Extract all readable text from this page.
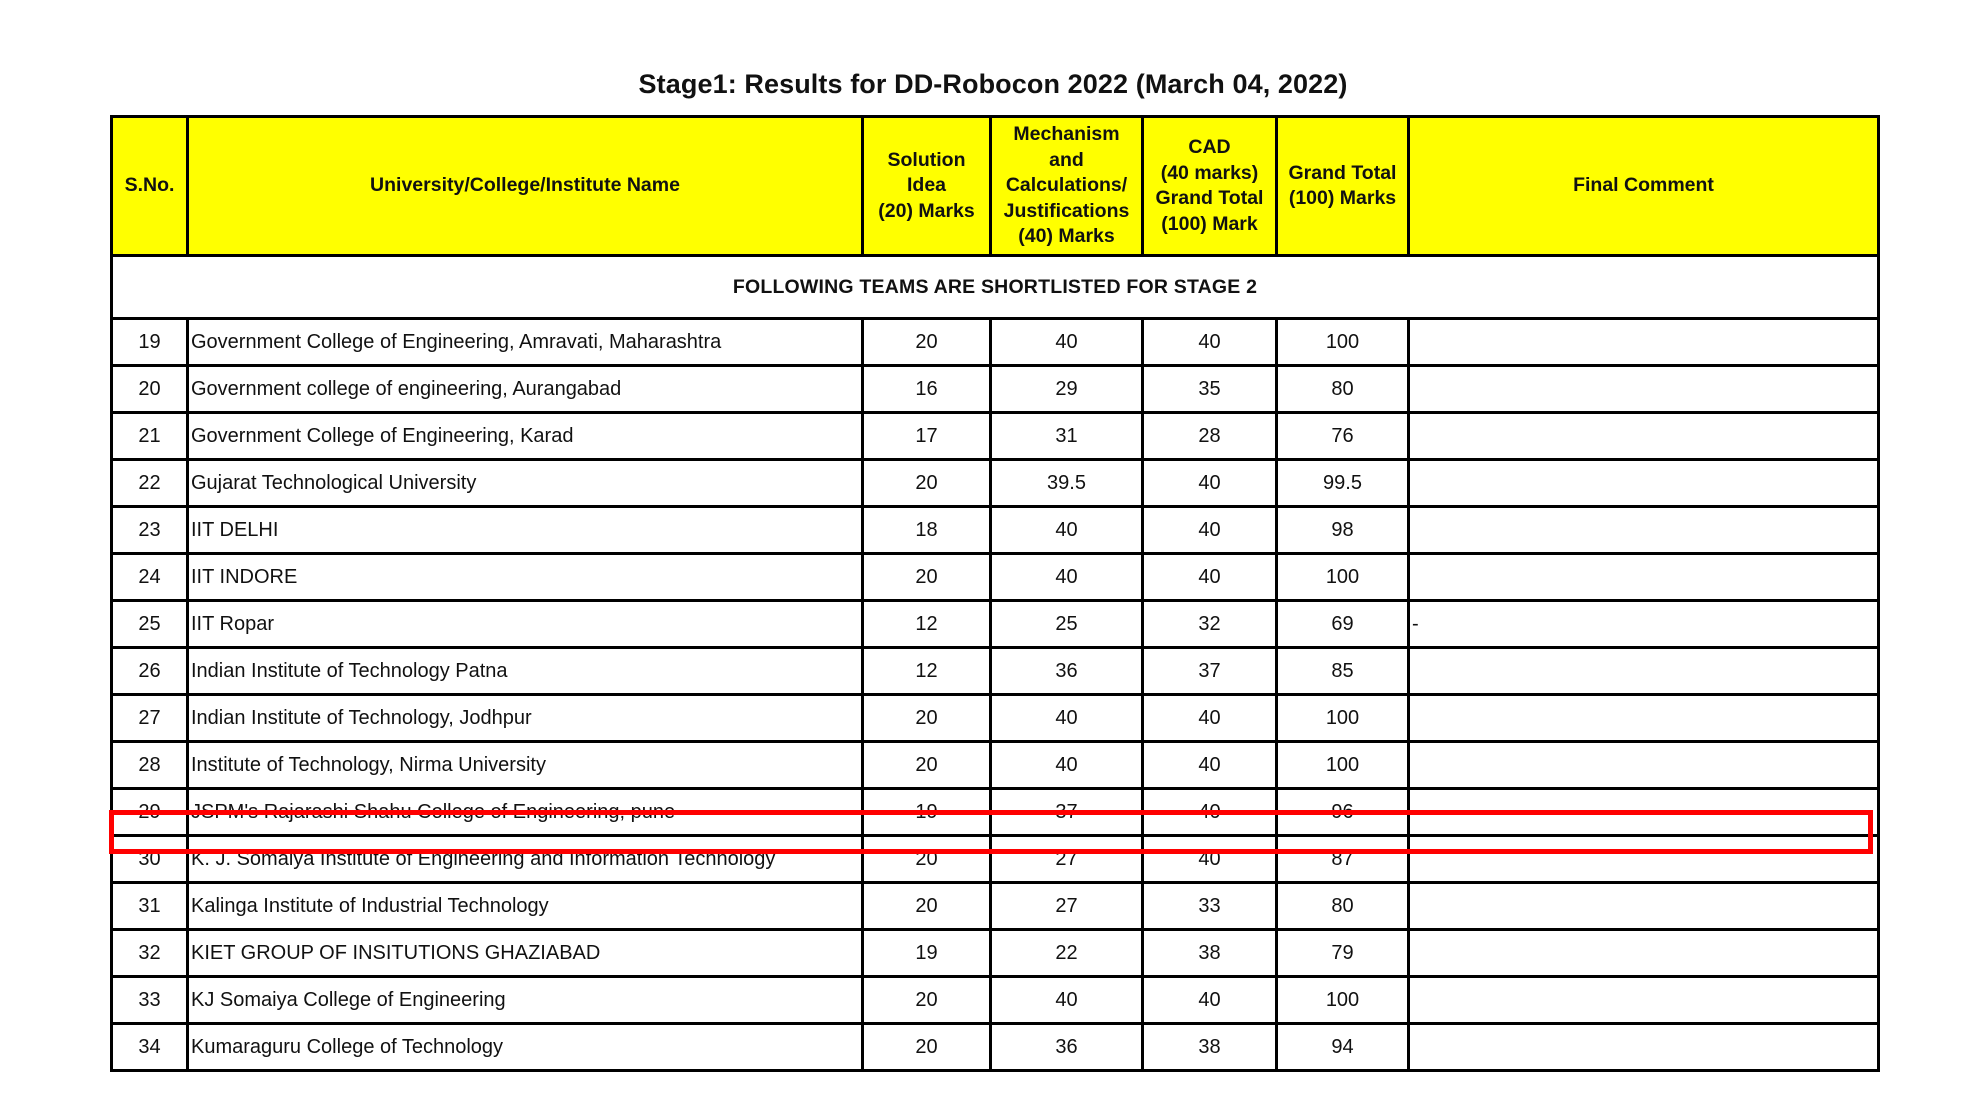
Stage1: Results for DD-Robocon 2022 (March 04, 2022)
S.No.	University/College/Institute Name	Solution
Idea
(20) Marks	Mechanism
and
Calculations/
Justifications
(40) Marks	CAD
(40 marks)
Grand Total
(100) Mark	Grand Total
(100) Marks	Final Comment
FOLLOWING TEAMS ARE SHORTLISTED FOR STAGE 2						
19	Government College of Engineering, Amravati, Maharashtra	20	40	40	100	
20	Government college of engineering, Aurangabad	16	29	35	80	
21	Government College of Engineering, Karad	17	31	28	76	
22	Gujarat Technological University	20	39.5	40	99.5	
23	IIT DELHI	18	40	40	98	
24	IIT INDORE	20	40	40	100	
25	IIT Ropar	12	25	32	69	-
26	Indian Institute of Technology Patna	12	36	37	85	
27	Indian Institute of Technology, Jodhpur	20	40	40	100	
28	Institute of Technology, Nirma University	20	40	40	100	
29	JSPM's Rajarashi Shahu College of Engineering, pune	19	37	40	96	
30	K. J. Somaiya Institute of Engineering and Information Technology	20	27	40	87	
31	Kalinga Institute of Industrial Technology	20	27	33	80	
32	KIET GROUP OF INSITUTIONS GHAZIABAD	19	22	38	79	
33	KJ Somaiya College of Engineering	20	40	40	100	
34	Kumaraguru College of Technology	20	36	38	94	
